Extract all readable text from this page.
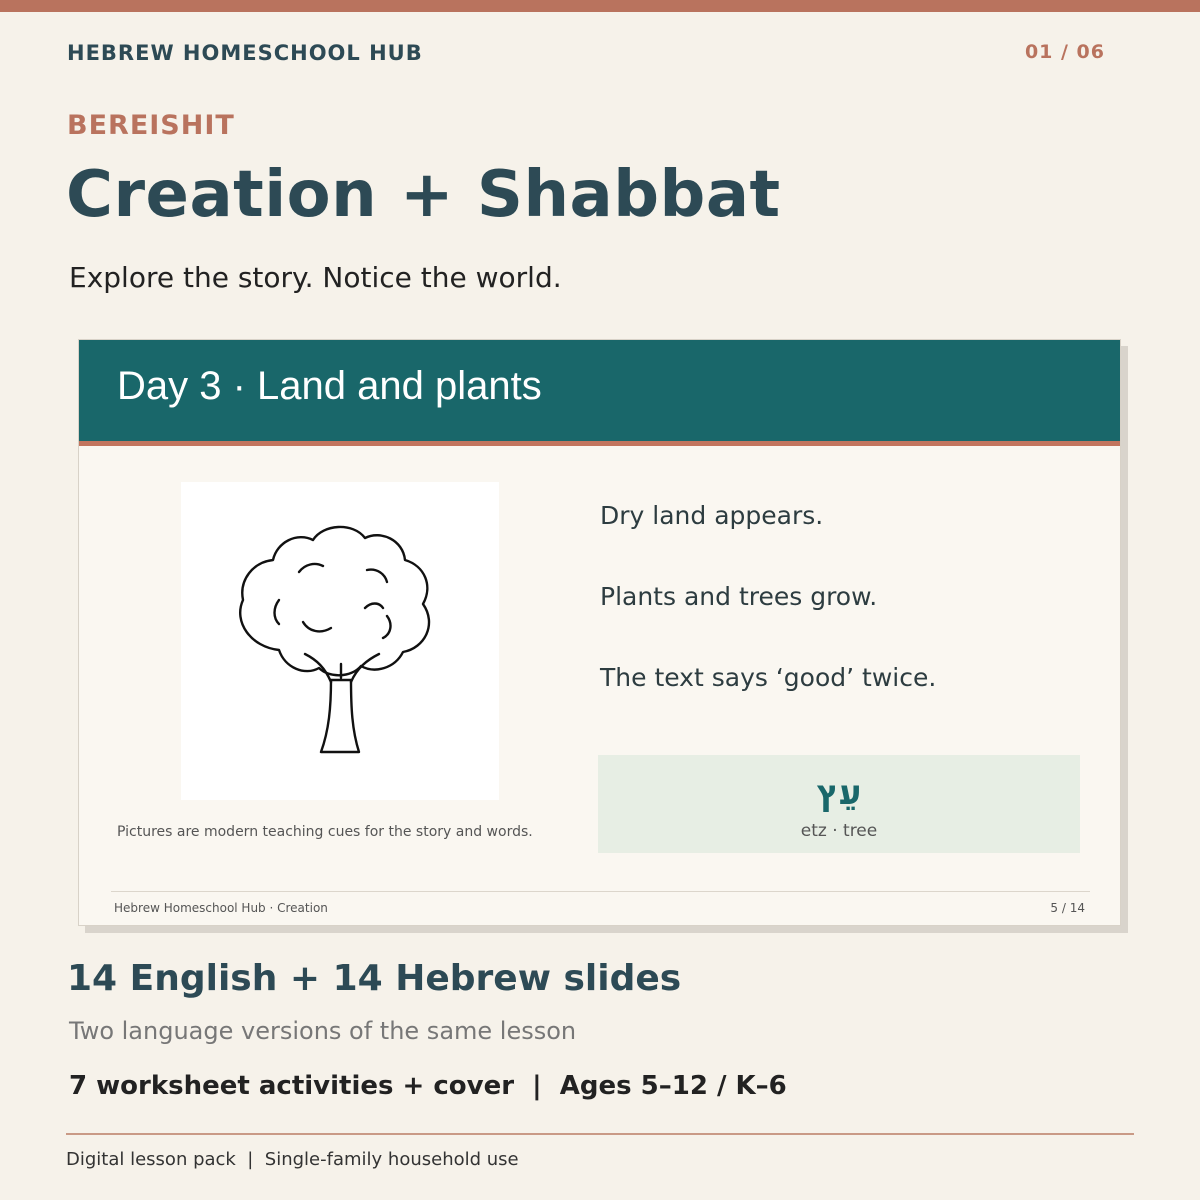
HEBREW HOMESCHOOL HUB	01 / 06
BEREISHIT
Creation + Shabbat
Explore the story. Notice the world.
Day 3 · Land and plants
Pictures are modern teaching cues for the story and words.
Dry land appears.
Plants and trees grow.
The text says ‘good’ twice.
עֵץ
etz · tree
Hebrew Homeschool Hub · Creation	5 / 14
14 English + 14 Hebrew slides
Two language versions of the same lesson
7 worksheet activities + cover  |  Ages 5–12 / K–6
Digital lesson pack  |  Single-family household use
